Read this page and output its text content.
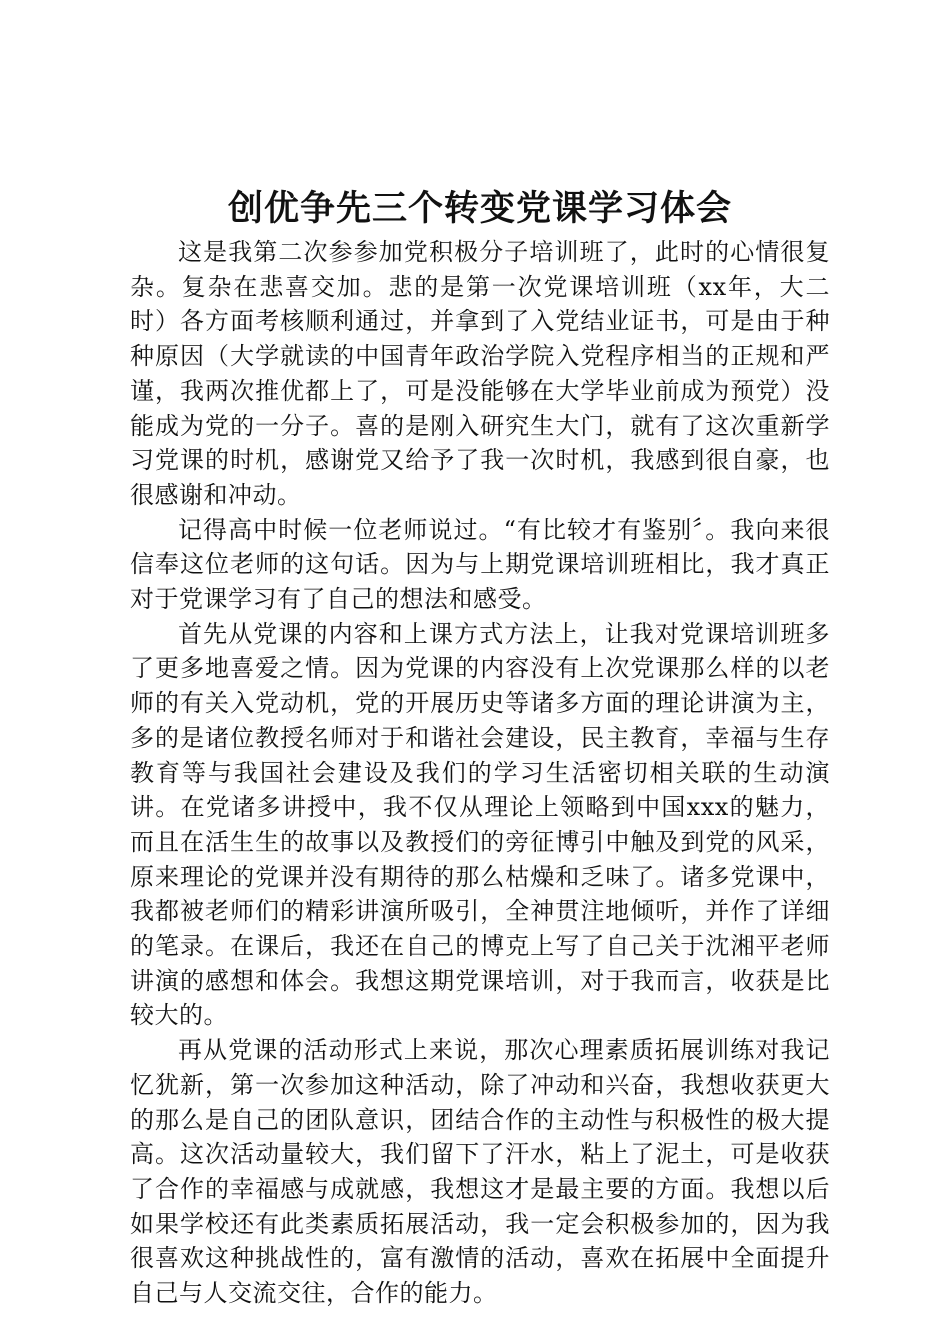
创优争先三个转变党课学习体会

这是我第二次参参加党积极分子培训班了，此时的心情很复杂。复杂在悲喜交加。悲的是第一次党课培训班（xx年，大二时）各方面考核顺利通过，并拿到了入党结业证书，可是由于种种原因（大学就读的中国青年政治学院入党程序相当的正规和严谨，我两次推优都上了，可是没能够在大学毕业前成为预党）没能成为党的一分子。喜的是刚入研究生大门，就有了这次重新学习党课的时机，感谢党又给予了我一次时机，我感到很自豪，也很感谢和冲动。

记得高中时候一位老师说过。“有比较才有鉴别〞。我向来很信奉这位老师的这句话。因为与上期党课培训班相比，我才真正对于党课学习有了自己的想法和感受。

首先从党课的内容和上课方式方法上，让我对党课培训班多了更多地喜爱之情。因为党课的内容没有上次党课那么样的以老师的有关入党动机，党的开展历史等诸多方面的理论讲演为主，多的是诸位教授名师对于和谐社会建设，民主教育，幸福与生存教育等与我国社会建设及我们的学习生活密切相关联的生动演讲。在党诸多讲授中，我不仅从理论上领略到中国xxx的魅力，而且在活生生的故事以及教授们的旁征博引中触及到党的风采，原来理论的党课并没有期待的那么枯燥和乏味了。诸多党课中，我都被老师们的精彩讲演所吸引，全神贯注地倾听，并作了详细的笔录。在课后，我还在自己的博克上写了自己关于沈湘平老师讲演的感想和体会。我想这期党课培训，对于我而言，收获是比较大的。

再从党课的活动形式上来说，那次心理素质拓展训练对我记忆犹新，第一次参加这种活动，除了冲动和兴奋，我想收获更大的那么是自己的团队意识，团结合作的主动性与积极性的极大提高。这次活动量较大，我们留下了汗水，粘上了泥土，可是收获了合作的幸福感与成就感，我想这才是最主要的方面。我想以后如果学校还有此类素质拓展活动，我一定会积极参加的，因为我很喜欢这种挑战性的，富有激情的活动，喜欢在拓展中全面提升自己与人交流交往，合作的能力。
